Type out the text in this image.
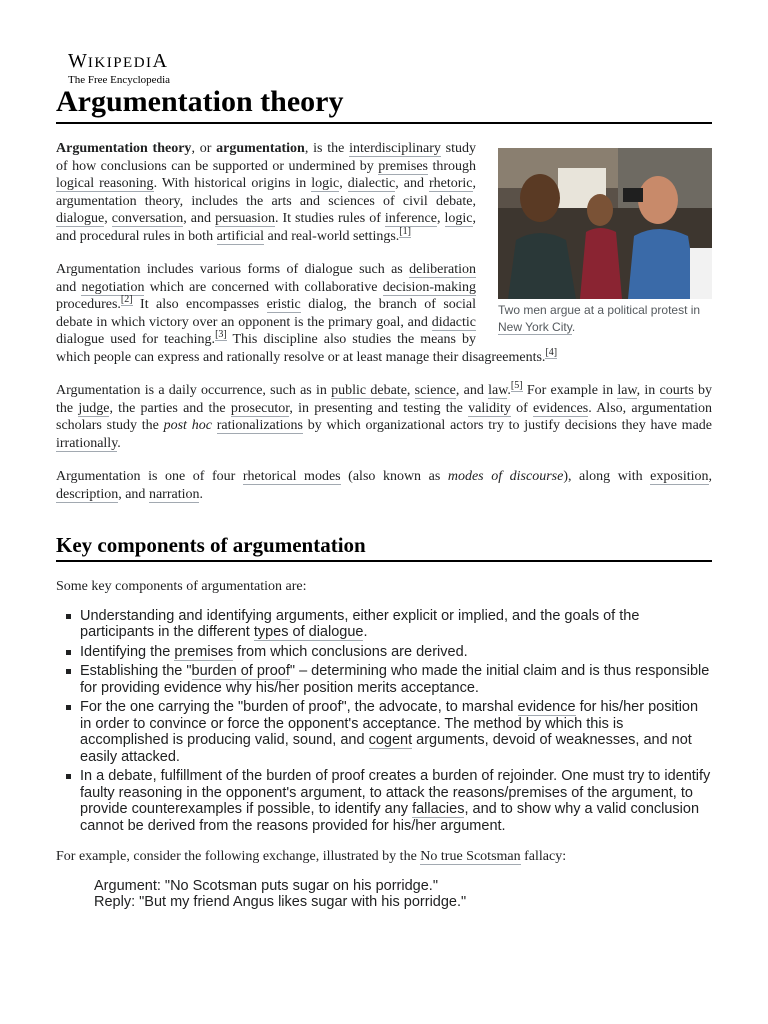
WIKIPEDIA
The Free Encyclopedia
Argumentation theory
Two men argue at a political protest in New York City.

Argumentation theory, or argumentation, is the interdisciplinary study of how conclusions can be supported or undermined by premises through logical reasoning. With historical origins in logic, dialectic, and rhetoric, argumentation theory, includes the arts and sciences of civil debate, dialogue, conversation, and persuasion. It studies rules of inference, logic, and procedural rules in both artificial and real-world settings.[1]

Argumentation includes various forms of dialogue such as deliberation and negotiation which are concerned with collaborative decision-making procedures.[2] It also encompasses eristic dialog, the branch of social debate in which victory over an opponent is the primary goal, and didactic dialogue used for teaching.[3] This discipline also studies the means by which people can express and rationally resolve or at least manage their disagreements.[4]

Argumentation is a daily occurrence, such as in public debate, science, and law.[5] For example in law, in courts by the judge, the parties and the prosecutor, in presenting and testing the validity of evidences. Also, argumentation scholars study the post hoc rationalizations by which organizational actors try to justify decisions they have made irrationally.

Argumentation is one of four rhetorical modes (also known as modes of discourse), along with exposition, description, and narration.

Key components of argumentation

Some key components of argumentation are:

Understanding and identifying arguments, either explicit or implied, and the goals of the participants in the different types of dialogue.
Identifying the premises from which conclusions are derived.
Establishing the "burden of proof" – determining who made the initial claim and is thus responsible for providing evidence why his/her position merits acceptance.
For the one carrying the "burden of proof", the advocate, to marshal evidence for his/her position in order to convince or force the opponent's acceptance. The method by which this is accomplished is producing valid, sound, and cogent arguments, devoid of weaknesses, and not easily attacked.
In a debate, fulfillment of the burden of proof creates a burden of rejoinder. One must try to identify faulty reasoning in the opponent's argument, to attack the reasons/premises of the argument, to provide counterexamples if possible, to identify any fallacies, and to show why a valid conclusion cannot be derived from the reasons provided for his/her argument.

For example, consider the following exchange, illustrated by the No true Scotsman fallacy:

Argument: "No Scotsman puts sugar on his porridge."
Reply: "But my friend Angus likes sugar with his porridge."
